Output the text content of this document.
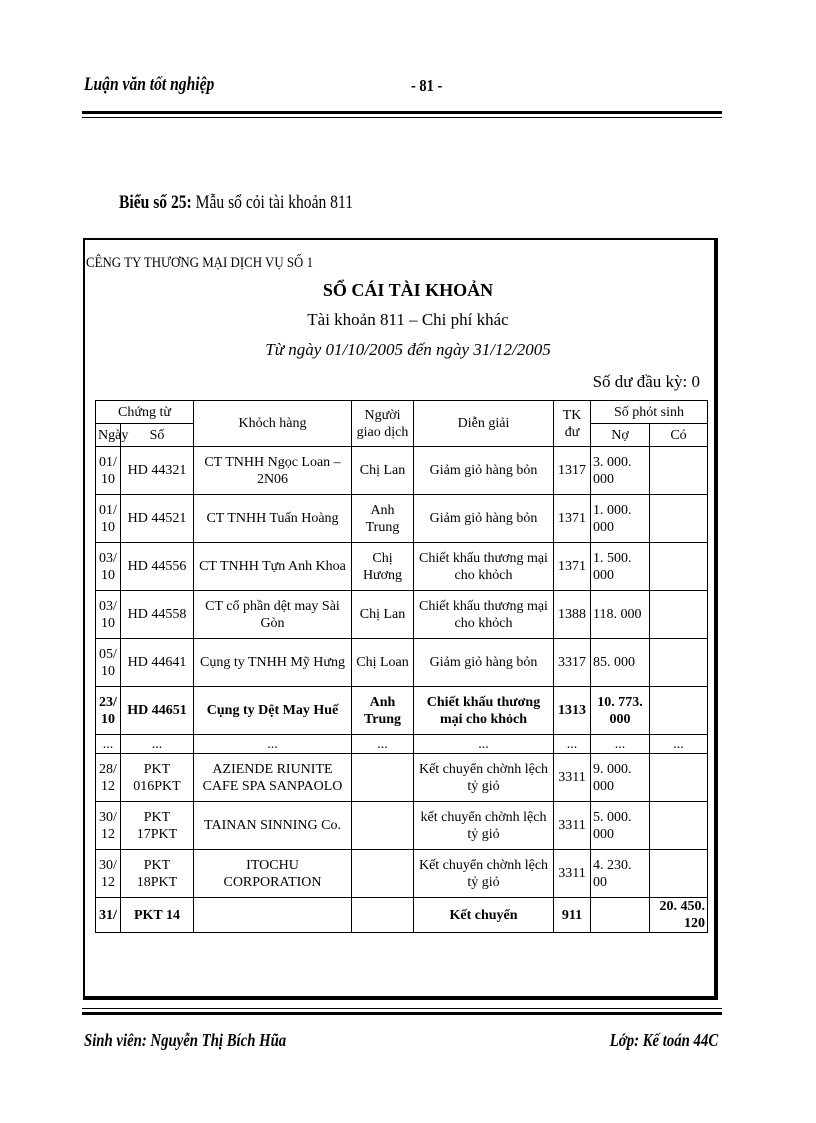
Luận văn tốt nghiệp	- 81 -
Biểu số 25: Mẫu sổ cỏi tài khoản 811
CÊNG TY THƯƠNG MẠI DỊCH VỤ SỐ 1
SỔ CÁI TÀI KHOẢN
Tài khoản 811 – Chi phí khác
Từ ngày 01/10/2005 đến ngày 31/12/2005
Số dư đầu kỳ: 0
Chứng từ		Khỏch hàng	Người giao dịch	Diễn giải	TK đư	Số phỏt sinh	
Ngày	Số					Nợ	Có
01/ 10	HD 44321	CT TNHH Ngọc Loan – 2N06	Chị Lan	Giảm giỏ hàng bỏn	1317	3. 000. 000	
01/ 10	HD 44521	CT TNHH Tuấn Hoàng	Anh Trung	Giảm giỏ hàng bỏn	1371	1. 000. 000	
03/ 10	HD 44556	CT TNHH Tựn Anh Khoa	Chị Hương	Chiết khấu thương mại cho khỏch	1371	1. 500. 000	
03/ 10	HD 44558	CT cổ phần dệt may Sài Gòn	Chị Lan	Chiết khấu thương mại cho khỏch	1388	118. 000	
05/ 10	HD 44641	Cụng ty TNHH Mỹ Hưng	Chị Loan	Giảm giỏ hàng bỏn	3317	85. 000	
23/ 10	HD 44651	Cụng ty Dệt May Huế	Anh Trung	Chiết khấu thương mại cho khỏch	1313	10. 773. 000	
...	...	...	...	...	...	...	...
28/ 12	PKT 016PKT	AZIENDE RIUNITE CAFE SPA SANPAOLO		Kết chuyển chờnh lệch tỷ giỏ	3311	9. 000. 000	
30/ 12	PKT 17PKT	TAINAN SINNING Co.		kết chuyển chờnh lệch tỷ giỏ	3311	5. 000. 000	
30/ 12	PKT 18PKT	ITOCHU CORPORATION		Kết chuyển chờnh lệch tỷ giỏ	3311	4. 230. 00	
31/	PKT 14			Kết chuyển	911		20. 450. 120
Sinh viên: Nguyễn Thị Bích Hũa	Lớp: Kế toán 44C
